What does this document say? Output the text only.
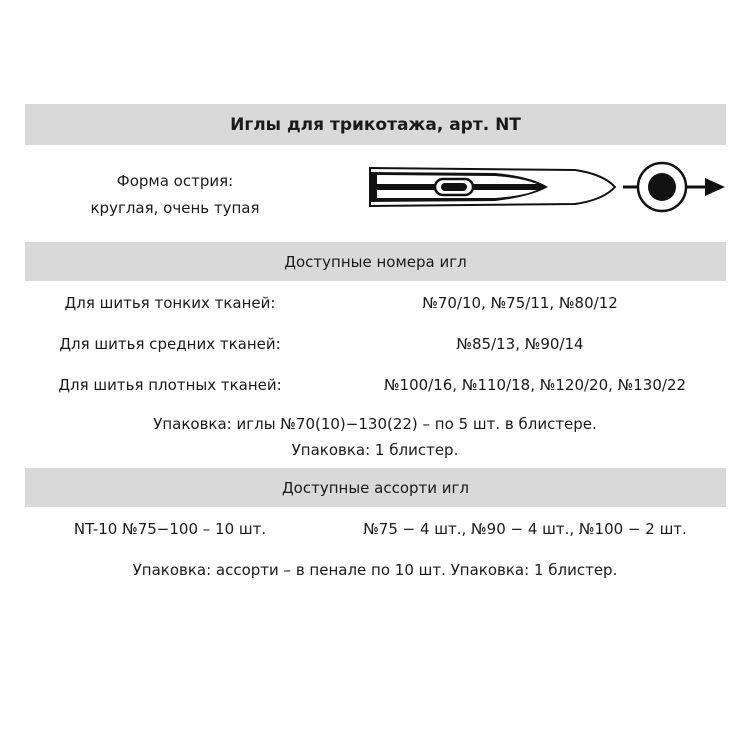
Иглы для трикотажа, арт. NT
Форма острия:
круглая, очень тупая
Доступные номера игл
Для шитья тонких тканей:	№70/10, №75/11, №80/12
Для шитья средних тканей:	№85/13, №90/14
Для шитья плотных тканей:	№100/16, №110/18, №120/20, №130/22
Упаковка: иглы №70(10)−130(22) – по 5 шт. в блистере.
Упаковка: 1 блистер.
Доступные ассорти игл
NT-10 №75−100 – 10 шт.	№75 − 4 шт., №90 − 4 шт., №100 − 2 шт.
Упаковка: ассорти – в пенале по 10 шт. Упаковка: 1 блистер.
